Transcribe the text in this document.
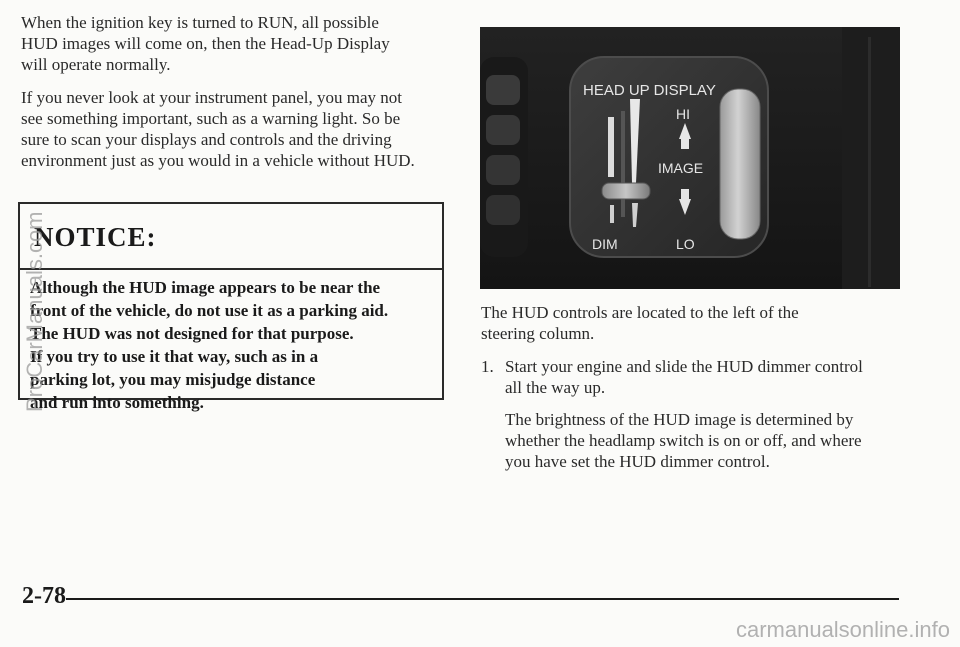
When the ignition key is turned to RUN, all possible
HUD images will come on, then the Head-Up Display
will operate normally.

If you never look at your instrument panel, you may not
see something important, such as a warning light. So be
sure to scan your displays and controls and the driving
environment just as you would in a vehicle without HUD.

NOTICE:
Although the HUD image appears to be near the
front of the vehicle, do not use it as a parking aid.
The HUD was not designed for that purpose.
If you try to use it that way, such as in a
parking lot, you may misjudge distance
and run into something.
HEAD UP DISPLAY
HI
IMAGE
DIM	LO

The HUD controls are located to the left of the
steering column.

1. Start your engine and slide the HUD dimmer control
all the way up.

The brightness of the HUD image is determined by
whether the headlamp switch is on or off, and where
you have set the HUD dimmer control.

2-78
ProCarManuals.com
carmanualsonline.info
